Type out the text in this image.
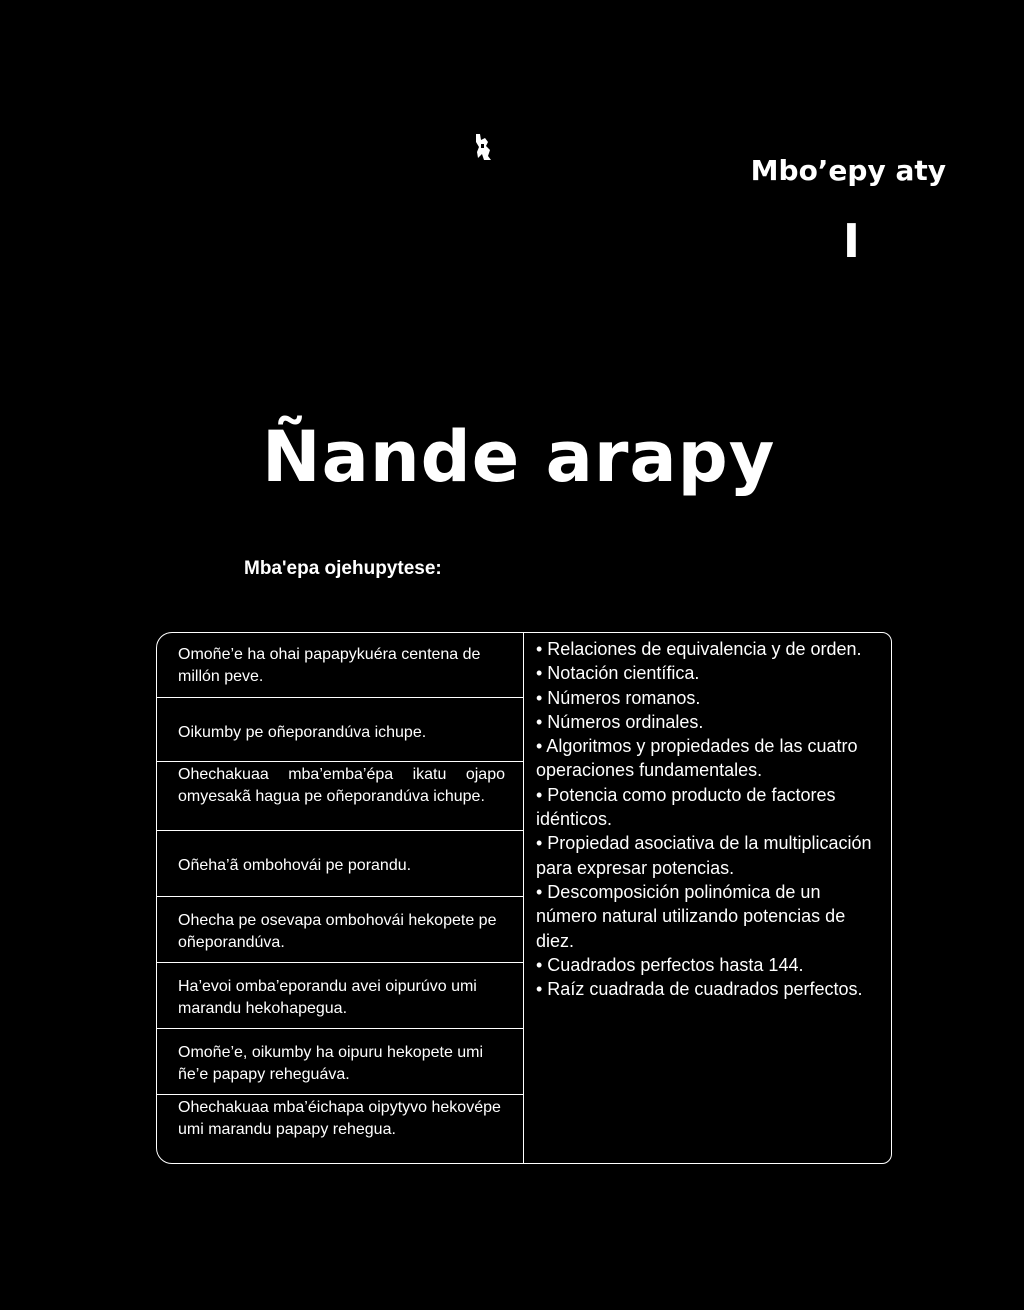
Mbo’epy aty
I
Ñande arapy
Mba'epa ojehupytese:
Omoñe’e ha ohai papapykuéra centena de millón peve.
Oikumby pe oñeporandúva ichupe.
Ohechakuaa mba’emba’épa ikatu ojapo omyesakã hagua pe oñeporandúva ichupe.
Oñeha’ã ombohovái pe porandu.
Ohecha pe osevapa ombohovái hekopete pe oñeporandúva.
Ha’evoi omba’eporandu avei oipurúvo umi marandu hekohapegua.
Omoñe’e, oikumby ha oipuru hekopete umi ñe’e papapy reheguáva.
Ohechakuaa mba’éichapa oipytyvo hekovépe umi marandu papapy rehegua.

• Relaciones de equivalencia y de orden.

• Notación científica.

• Números romanos.

• Números ordinales.

• Algoritmos y propiedades de las cuatro operaciones fundamentales.

• Potencia como producto de factores idénticos.

• Propiedad asociativa de la multiplicación para expresar potencias.

• Descomposición polinómica de un número natural utilizando potencias de diez.

• Cuadrados perfectos hasta 144.

• Raíz cuadrada de cuadrados perfectos.
